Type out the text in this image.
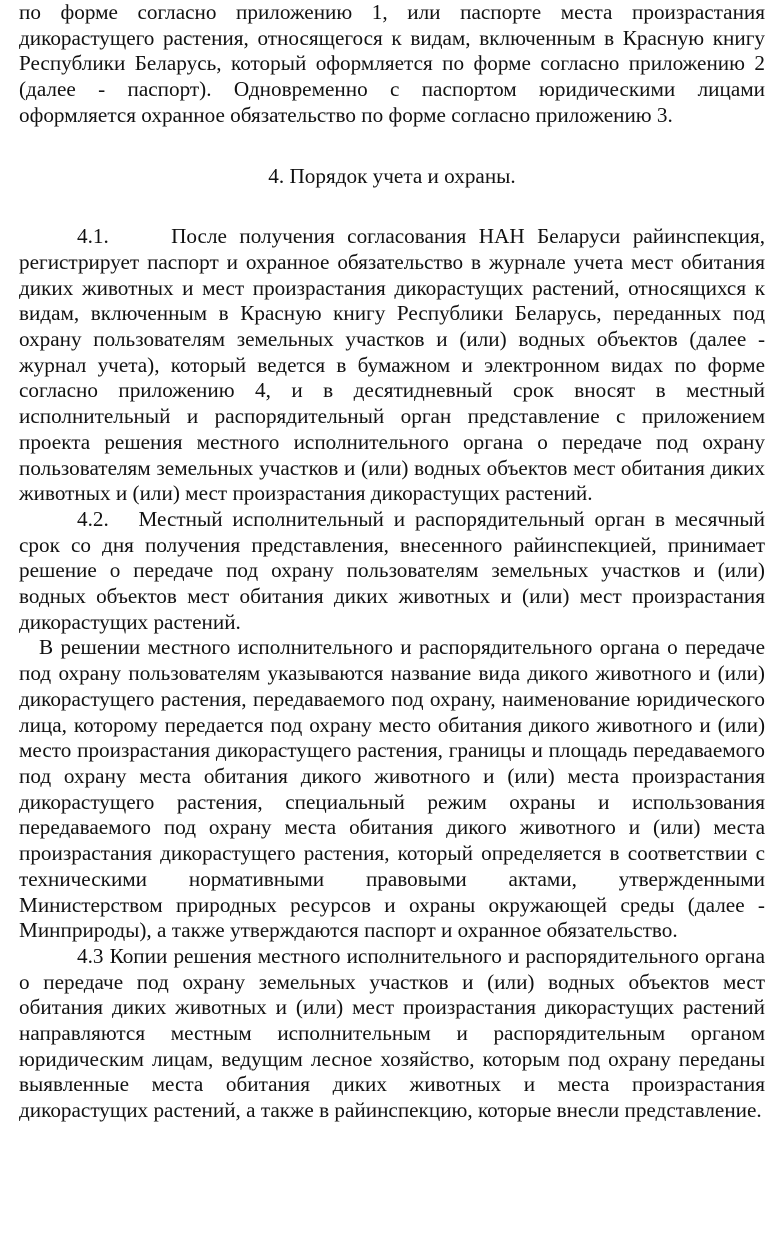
по форме согласно приложению 1, или паспорте места произрастания дикорастущего растения, относящегося к видам, включенным в Красную книгу Республики Беларусь, который оформляется по форме согласно приложению 2 (далее - паспорт). Одновременно с паспортом юридическими лицами оформляется охранное обязательство по форме согласно приложению 3.

4. Порядок учета и охраны.

4.1.     После получения согласования НАН Беларуси райинспекция, регистрирует паспорт и охранное обязательство в журнале учета мест обитания диких животных и мест произрастания дикорастущих растений, относящихся к видам, включенным в Красную книгу Республики Беларусь, переданных под охрану пользователям земельных участков и (или) водных объектов (далее - журнал учета), который ведется в бумажном и электронном видах по форме согласно приложению 4, и в десятидневный срок вносят в местный исполнительный и распорядительный орган представление с приложением проекта решения местного исполнительного органа о передаче под охрану пользователям земельных участков и (или) водных объектов мест обитания диких животных и (или) мест произрастания дикорастущих растений.

4.2.   Местный исполнительный и распорядительный орган в месячный срок со дня получения представления, внесенного райинспекцией, принимает решение о передаче под охрану пользователям земельных участков и (или) водных объектов мест обитания диких животных и (или) мест произрастания дикорастущих растений.

В решении местного исполнительного и распорядительного органа о передаче под охрану пользователям указываются название вида дикого животного и (или) дикорастущего растения, передаваемого под охрану, наименование юридического лица, которому передается под охрану место обитания дикого животного и (или) место произрастания дикорастущего растения, границы и площадь передаваемого под охрану места обитания дикого животного и (или) места произрастания дикорастущего растения, специальный режим охраны и использования передаваемого под охрану места обитания дикого животного и (или) места произрастания дикорастущего растения, который определяется в соответствии с техническими нормативными правовыми актами, утвержденными Министерством природных ресурсов и охраны окружающей среды (далее - Минприроды), а также утверждаются паспорт и охранное обязательство.

4.3 Копии решения местного исполнительного и распорядительного органа о передаче под охрану земельных участков и (или) водных объектов мест обитания диких животных и (или) мест произрастания дикорастущих растений направляются местным исполнительным и распорядительным органом юридическим лицам, ведущим лесное хозяйство, которым под охрану переданы выявленные места обитания диких животных и места произрастания дикорастущих растений, а также в райинспекцию, которые внесли представление.
